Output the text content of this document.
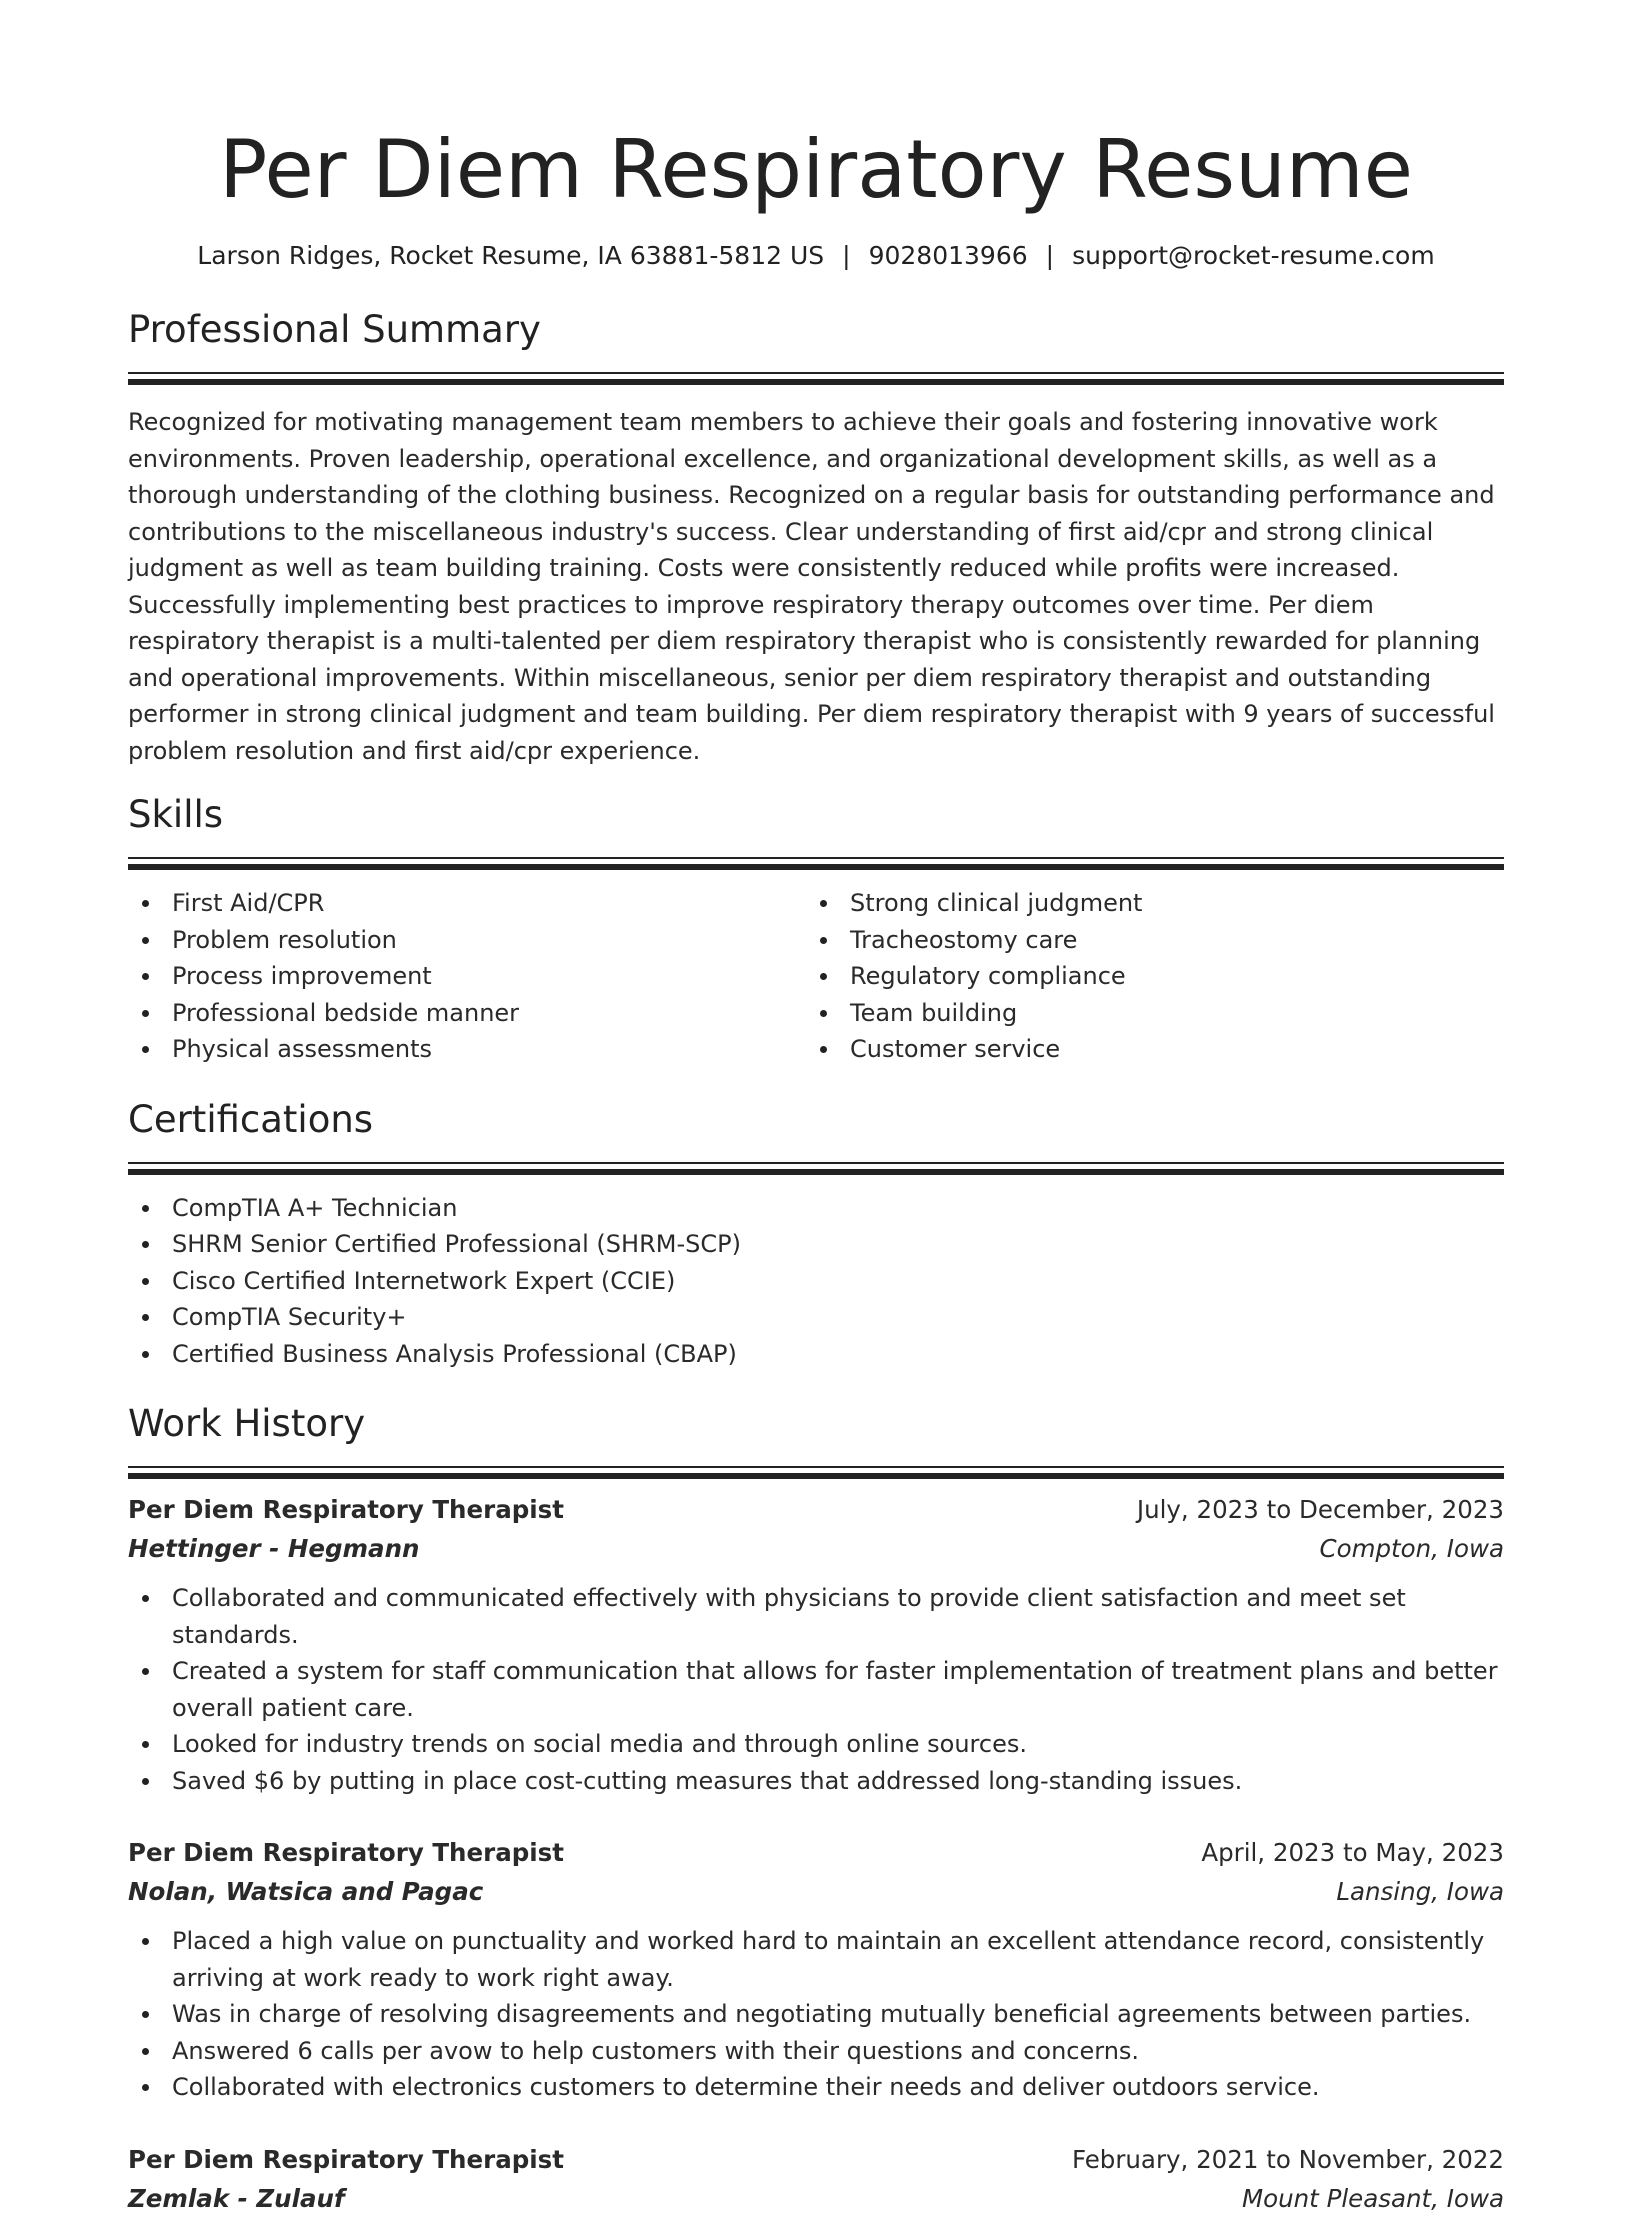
Per Diem Respiratory Resume
Larson Ridges, Rocket Resume, IA 63881-5812 US | 9028013966 | support@rocket-resume.com
Professional Summary

Recognized for motivating management team members to achieve their goals and fostering innovative work environments. Proven leadership, operational excellence, and organizational development skills, as well as a thorough understanding of the clothing business. Recognized on a regular basis for outstanding performance and contributions to the miscellaneous industry's success. Clear understanding of first aid/cpr and strong clinical judgment as well as team building training. Costs were consistently reduced while profits were increased. Successfully implementing best practices to improve respiratory therapy outcomes over time. Per diem respiratory therapist is a multi-talented per diem respiratory therapist who is consistently rewarded for planning and operational improvements. Within miscellaneous, senior per diem respiratory therapist and outstanding performer in strong clinical judgment and team building. Per diem respiratory therapist with 9 years of successful problem resolution and first aid/cpr experience.

Skills
First Aid/CPR
Problem resolution
Process improvement
Professional bedside manner
Physical assessments
Strong clinical judgment
Tracheostomy care
Regulatory compliance
Team building
Customer service
Certifications
CompTIA A+ Technician
SHRM Senior Certified Professional (SHRM-SCP)
Cisco Certified Internetwork Expert (CCIE)
CompTIA Security+
Certified Business Analysis Professional (CBAP)
Work History
Per Diem Respiratory Therapist	July, 2023 to December, 2023
Hettinger - Hegmann	Compton, Iowa
Collaborated and communicated effectively with physicians to provide client satisfaction and meet set standards.
Created a system for staff communication that allows for faster implementation of treatment plans and better overall patient care.
Looked for industry trends on social media and through online sources.
Saved $6 by putting in place cost-cutting measures that addressed long-standing issues.
Per Diem Respiratory Therapist	April, 2023 to May, 2023
Nolan, Watsica and Pagac	Lansing, Iowa
Placed a high value on punctuality and worked hard to maintain an excellent attendance record, consistently arriving at work ready to work right away.
Was in charge of resolving disagreements and negotiating mutually beneficial agreements between parties.
Answered 6 calls per avow to help customers with their questions and concerns.
Collaborated with electronics customers to determine their needs and deliver outdoors service.
Per Diem Respiratory Therapist	February, 2021 to November, 2022
Zemlak - Zulauf	Mount Pleasant, Iowa
